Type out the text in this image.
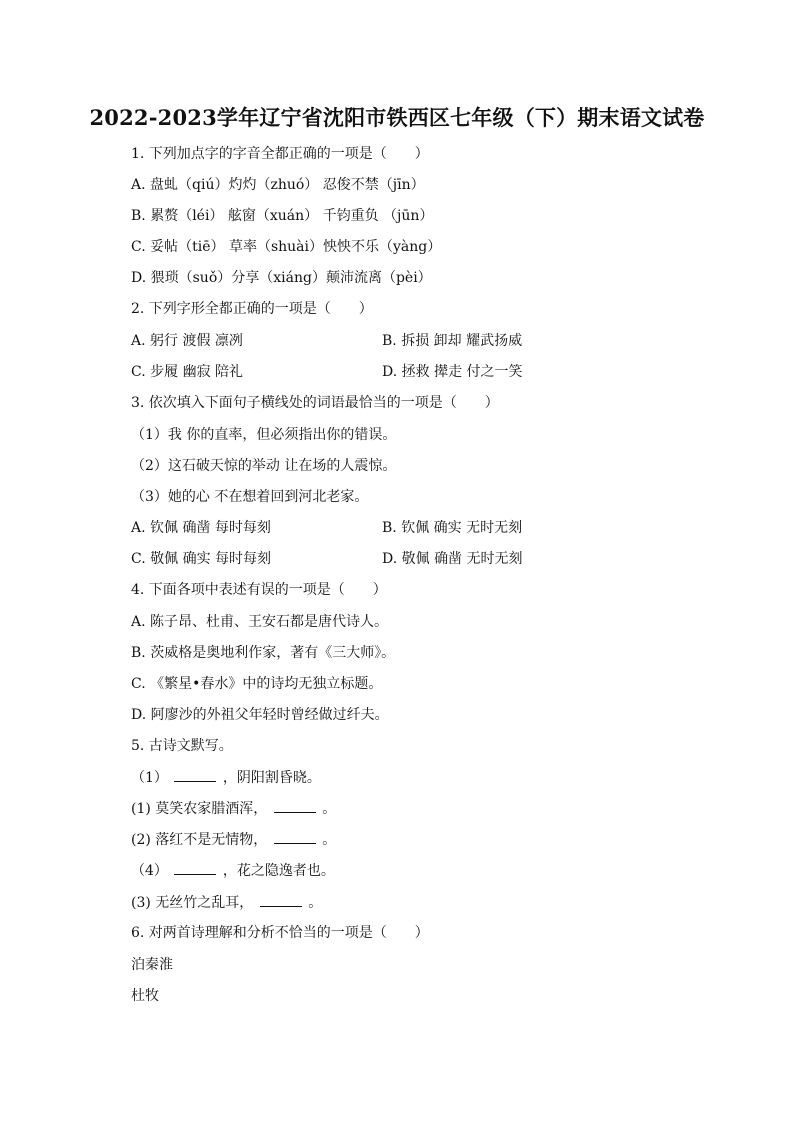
2022-2023学年辽宁省沈阳市铁西区七年级（下）期末语文试卷
1. 下列加点字的字音全都正确的一项是（　　）
A. 盘虬（qiú）灼灼（zhuó） 忍俊不禁（jīn）
B. 累赘（léi） 舷窗（xuán） 千钧重负 （jūn）
C. 妥帖（tiē） 草率（shuài）怏怏不乐（yàng）
D. 猥琐（suǒ）分享（xiáng）颠沛流离（pèi）
2. 下列字形全都正确的一项是（　　）
A. 躬行 渡假 凛冽	B. 拆损 卸却 耀武扬威
C. 步履 幽寂 陪礼	D. 拯救 撵走 付之一笑
3. 依次填入下面句子横线处的词语最恰当的一项是（　　）
（1）我 你的直率，但必须指出你的错误。
（2）这石破天惊的举动 让在场的人震惊。
（3）她的心 不在想着回到河北老家。
A. 钦佩 确凿 每时每刻	B. 钦佩 确实 无时无刻
C. 敬佩 确实 每时每刻	D. 敬佩 确凿 无时无刻
4. 下面各项中表述有误的一项是（　　）
A. 陈子昂、杜甫、王安石都是唐代诗人。
B. 茨威格是奥地利作家，著有《三大师》。
C. 《繁星•春水》中的诗均无独立标题。
D. 阿廖沙的外祖父年轻时曾经做过纤夫。
5. 古诗文默写。
（1）	，阴阳割昏晓。
(1) 莫笑农家腊酒浑，	。
(2) 落红不是无情物，	。
（4）	，花之隐逸者也。
(3) 无丝竹之乱耳，	。
6. 对两首诗理解和分析不恰当的一项是（　　）
泊秦淮
杜牧
